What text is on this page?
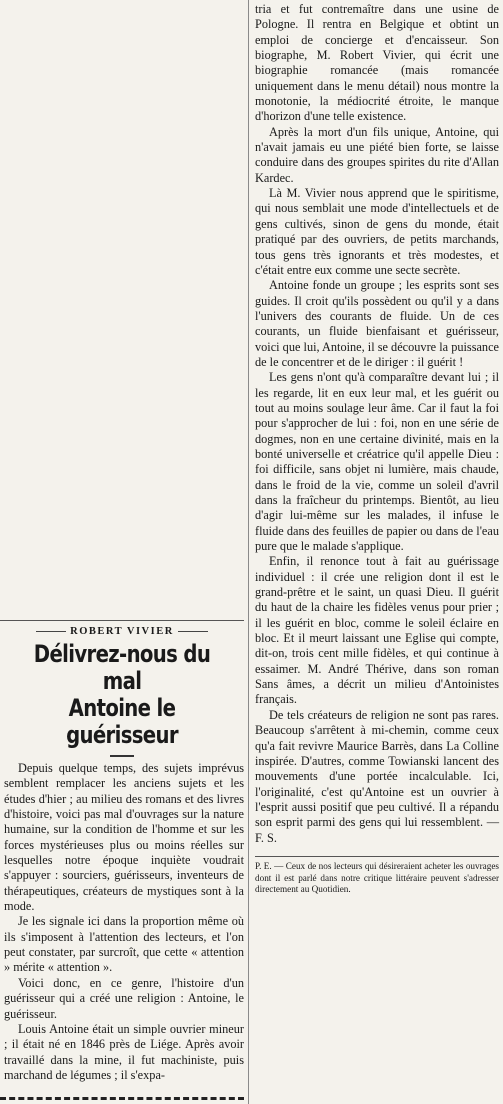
tria et fut contremaître dans une usine de Pologne. Il rentra en Belgique et obtint un emploi de concierge et d'encaisseur. Son biographe, M. Robert Vivier, qui écrit une biographie romancée (mais romancée uniquement dans le menu détail) nous montre la monotonie, la médiocrité étroite, le manque d'horizon d'une telle existence.

Après la mort d'un fils unique, Antoine, qui n'avait jamais eu une piété bien forte, se laisse conduire dans des groupes spirites du rite d'Allan Kardec.

Là M. Vivier nous apprend que le spiritisme, qui nous semblait une mode d'intellectuels et de gens cultivés, sinon de gens du monde, était pratiqué par des ouvriers, de petits marchands, tous gens très ignorants et très modestes, et c'était entre eux comme une secte secrète.

Antoine fonde un groupe ; les esprits sont ses guides. Il croit qu'ils possèdent ou qu'il y a dans l'univers des courants de fluide. Un de ces courants, un fluide bienfaisant et guérisseur, voici que lui, Antoine, il se découvre la puissance de le concentrer et de le diriger : il guérit !

Les gens n'ont qu'à comparaître devant lui ; il les regarde, lit en eux leur mal, et les guérit ou tout au moins soulage leur âme. Car il faut la foi pour s'approcher de lui : foi, non en une série de dogmes, non en une certaine divinité, mais en la bonté universelle et créatrice qu'il appelle Dieu : foi difficile, sans objet ni lumière, mais chaude, dans le froid de la vie, comme un soleil d'avril dans la fraîcheur du printemps. Bientôt, au lieu d'agir lui-même sur les malades, il infuse le fluide dans des feuilles de papier ou dans de l'eau pure que le malade s'applique.

Enfin, il renonce tout à fait au guérissage individuel : il crée une religion dont il est le grand-prêtre et le saint, un quasi Dieu. Il guérit du haut de la chaire les fidèles venus pour prier ; il les guérit en bloc, comme le soleil éclaire en bloc. Et il meurt laissant une Eglise qui compte, dit-on, trois cent mille fidèles, et qui continue à essaimer. M. André Thérive, dans son roman Sans âmes, a décrit un milieu d'Antoinistes français.

De tels créateurs de religion ne sont pas rares. Beaucoup s'arrêtent à mi-chemin, comme ceux qu'a fait revivre Maurice Barrès, dans La Colline inspirée. D'autres, comme Towianski lancent des mouvements d'une portée incalculable. Ici, l'originalité, c'est qu'Antoine est un ouvrier à l'esprit aussi positif que peu cultivé. Il a répandu son esprit parmi des gens qui lui ressemblent. — F. S.

P. E. — Ceux de nos lecteurs qui désireraient acheter les ouvrages dont il est parlé dans notre critique littéraire peuvent s'adresser directement au Quotidien.
ROBERT VIVIER
Délivrez-nous du mal
Antoine le guérisseur

Depuis quelque temps, des sujets imprévus semblent remplacer les anciens sujets et les études d'hier ; au milieu des romans et des livres d'histoire, voici pas mal d'ouvrages sur la nature humaine, sur la condition de l'homme et sur les forces mystérieuses plus ou moins réelles sur lesquelles notre époque inquiète voudrait s'appuyer : sourciers, guérisseurs, inventeurs de thérapeutiques, créateurs de mystiques sont à la mode.

Je les signale ici dans la proportion même où ils s'imposent à l'attention des lecteurs, et l'on peut constater, par surcroît, que cette « attention » mérite « attention ».

Voici donc, en ce genre, l'histoire d'un guérisseur qui a créé une religion : Antoine, le guérisseur.

Louis Antoine était un simple ouvrier mineur ; il était né en 1846 près de Liége. Après avoir travaillé dans la mine, il fut machiniste, puis marchand de légumes ; il s'expa-
